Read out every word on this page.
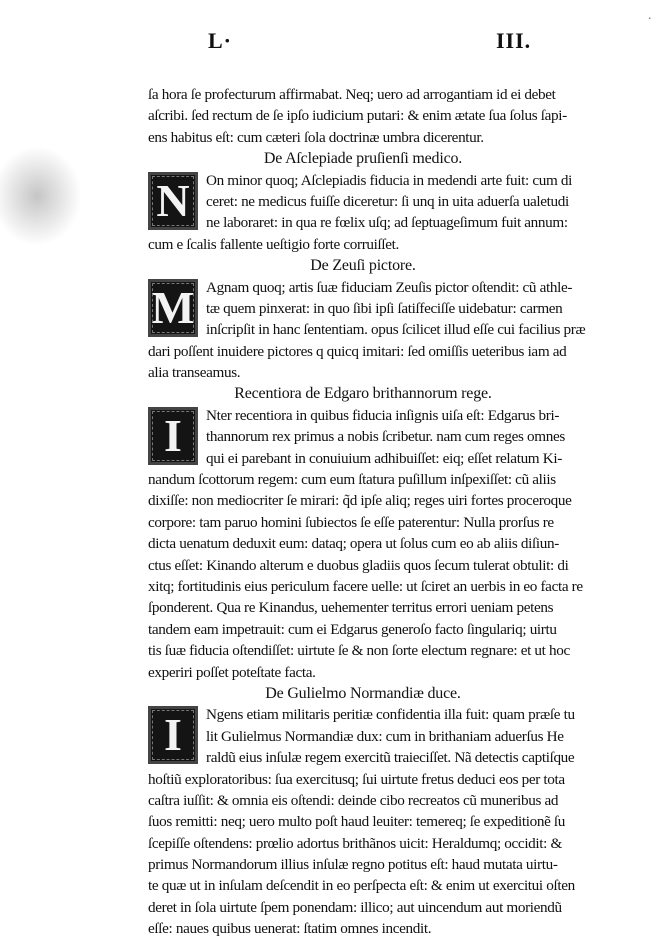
·
L·	III.
ſa hora ſe profecturum affirmabat. Neq; uero ad arrogantiam id ei debet
aſcribi. ſed rectum de ſe ipſo iudicium putari: & enim ætate ſua ſolus ſapi‑
ens habitus eſt: cum cæteri ſola doctrinæ umbra dicerentur.
De Aſclepiade pruſienſi medico.
N	On minor quoq; Aſclepiadis fiducia in medendi arte fuit: cum di
ceret: ne medicus fuiſſe diceretur: ſi unq in uita aduerſa ualetudi
ne laboraret: in qua re fœlix uſq; ad ſeptuageſimum fuit annum:
cum e ſcalis fallente ueſtigio forte corruiſſet.
De Zeuſi pictore.
M Agnam quoq; artis ſuæ fiduciam Zeuſis pictor oſtendit: cũ athle‑
tæ quem pinxerat: in quo ſibi ipſi ſatiſfeciſſe uidebatur: carmen
inſcripſit in hanc ſententiam. opus ſcilicet illud eſſe cui facilius præ
dari poſſent inuidere pictores q quicq imitari: ſed omiſſis ueteribus iam ad
alia transeamus.
Recentiora de Edgaro brithannorum rege.
I	Nter recentiora in quibus fiducia inſignis uiſa eſt: Edgarus bri‑
thannorum rex primus a nobis ſcribetur. nam cum reges omnes
qui ei parebant in conuiuium adhibuiſſet: eiq; eſſet relatum Ki‑
nandum ſcottorum regem: cum eum ſtatura puſillum inſpexiſſet: cũ aliis
dixiſſe: non mediocriter ſe mirari: q̃d ipſe aliq; reges uiri fortes proceroque
corpore: tam paruo homini ſubiectos ſe eſſe paterentur: Nulla prorſus re
dicta uenatum deduxit eum: dataq; opera ut ſolus cum eo ab aliis diſiun‑
ctus eſſet: Kinando alterum e duobus gladiis quos ſecum tulerat obtulit: di
xitq; fortitudinis eius periculum facere uelle: ut ſciret an uerbis in eo facta re
ſponderent. Qua re Kinandus, uehementer territus errori ueniam petens
tandem eam impetrauit: cum ei Edgarus generoſo facto ſingulariq; uirtu
tis ſuæ fiducia oſtendiſſet: uirtute ſe & non ſorte electum regnare: et ut hoc
experiri poſſet poteſtate facta.
De Gulielmo Normandiæ duce.
I	Ngens etiam militaris peritiæ confidentia illa fuit: quam præſe tu
lit Gulielmus Normandiæ dux: cum in brithaniam aduerſus He
raldũ eius inſulæ regem exercitũ traieciſſet. Nã detectis captiſque
hoſtiũ exploratoribus: ſua exercitusq; ſui uirtute fretus deduci eos per tota
caſtra iuſſit: & omnia eis oſtendi: deinde cibo recreatos cũ muneribus ad
ſuos remitti: neq; uero multo poſt haud leuiter: temereq; ſe expeditionẽ ſu
ſcepiſſe oſtendens: prœlio adortus brithãnos uicit: Heraldumq; occidit: &
primus Normandorum illius inſulæ regno potitus eſt: haud mutata uirtu‑
te quæ ut in inſulam deſcendit in eo perſpecta eſt: & enim ut exercitui oſten
deret in ſola uirtute ſpem ponendam: illico; aut uincendum aut moriendũ
eſſe: naues quibus uenerat: ſtatim omnes incendit.
